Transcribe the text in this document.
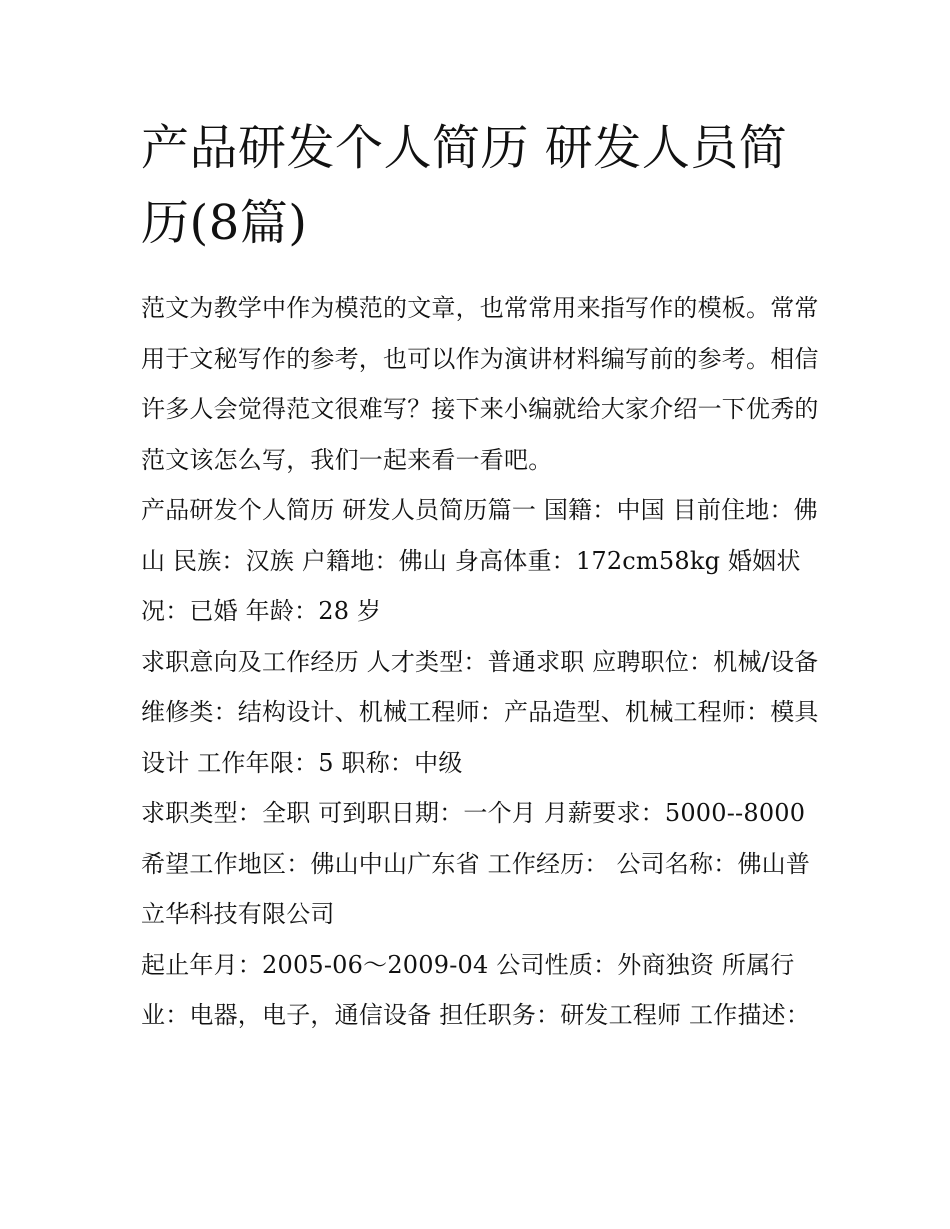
产品研发个人简历 研发人员简历(8篇)

范文为教学中作为模范的文章，也常常用来指写作的模板。常常用于文秘写作的参考，也可以作为演讲材料编写前的参考。相信许多人会觉得范文很难写？接下来小编就给大家介绍一下优秀的范文该怎么写，我们一起来看一看吧。

产品研发个人简历 研发人员简历篇一 国籍：中国 目前住地：佛山 民族：汉族 户籍地：佛山 身高体重：172cm58kg 婚姻状况：已婚 年龄：28 岁

求职意向及工作经历 人才类型：普通求职 应聘职位：机械/设备维修类：结构设计、机械工程师：产品造型、机械工程师：模具设计 工作年限：5 职称：中级

求职类型：全职 可到职日期：一个月 月薪要求：5000--8000 希望工作地区：佛山中山广东省 工作经历： 公司名称：佛山普立华科技有限公司

起止年月：2005-06～2009-04 公司性质：外商独资 所属行业：电器，电子，通信设备 担任职务：研发工程师 工作描述：
